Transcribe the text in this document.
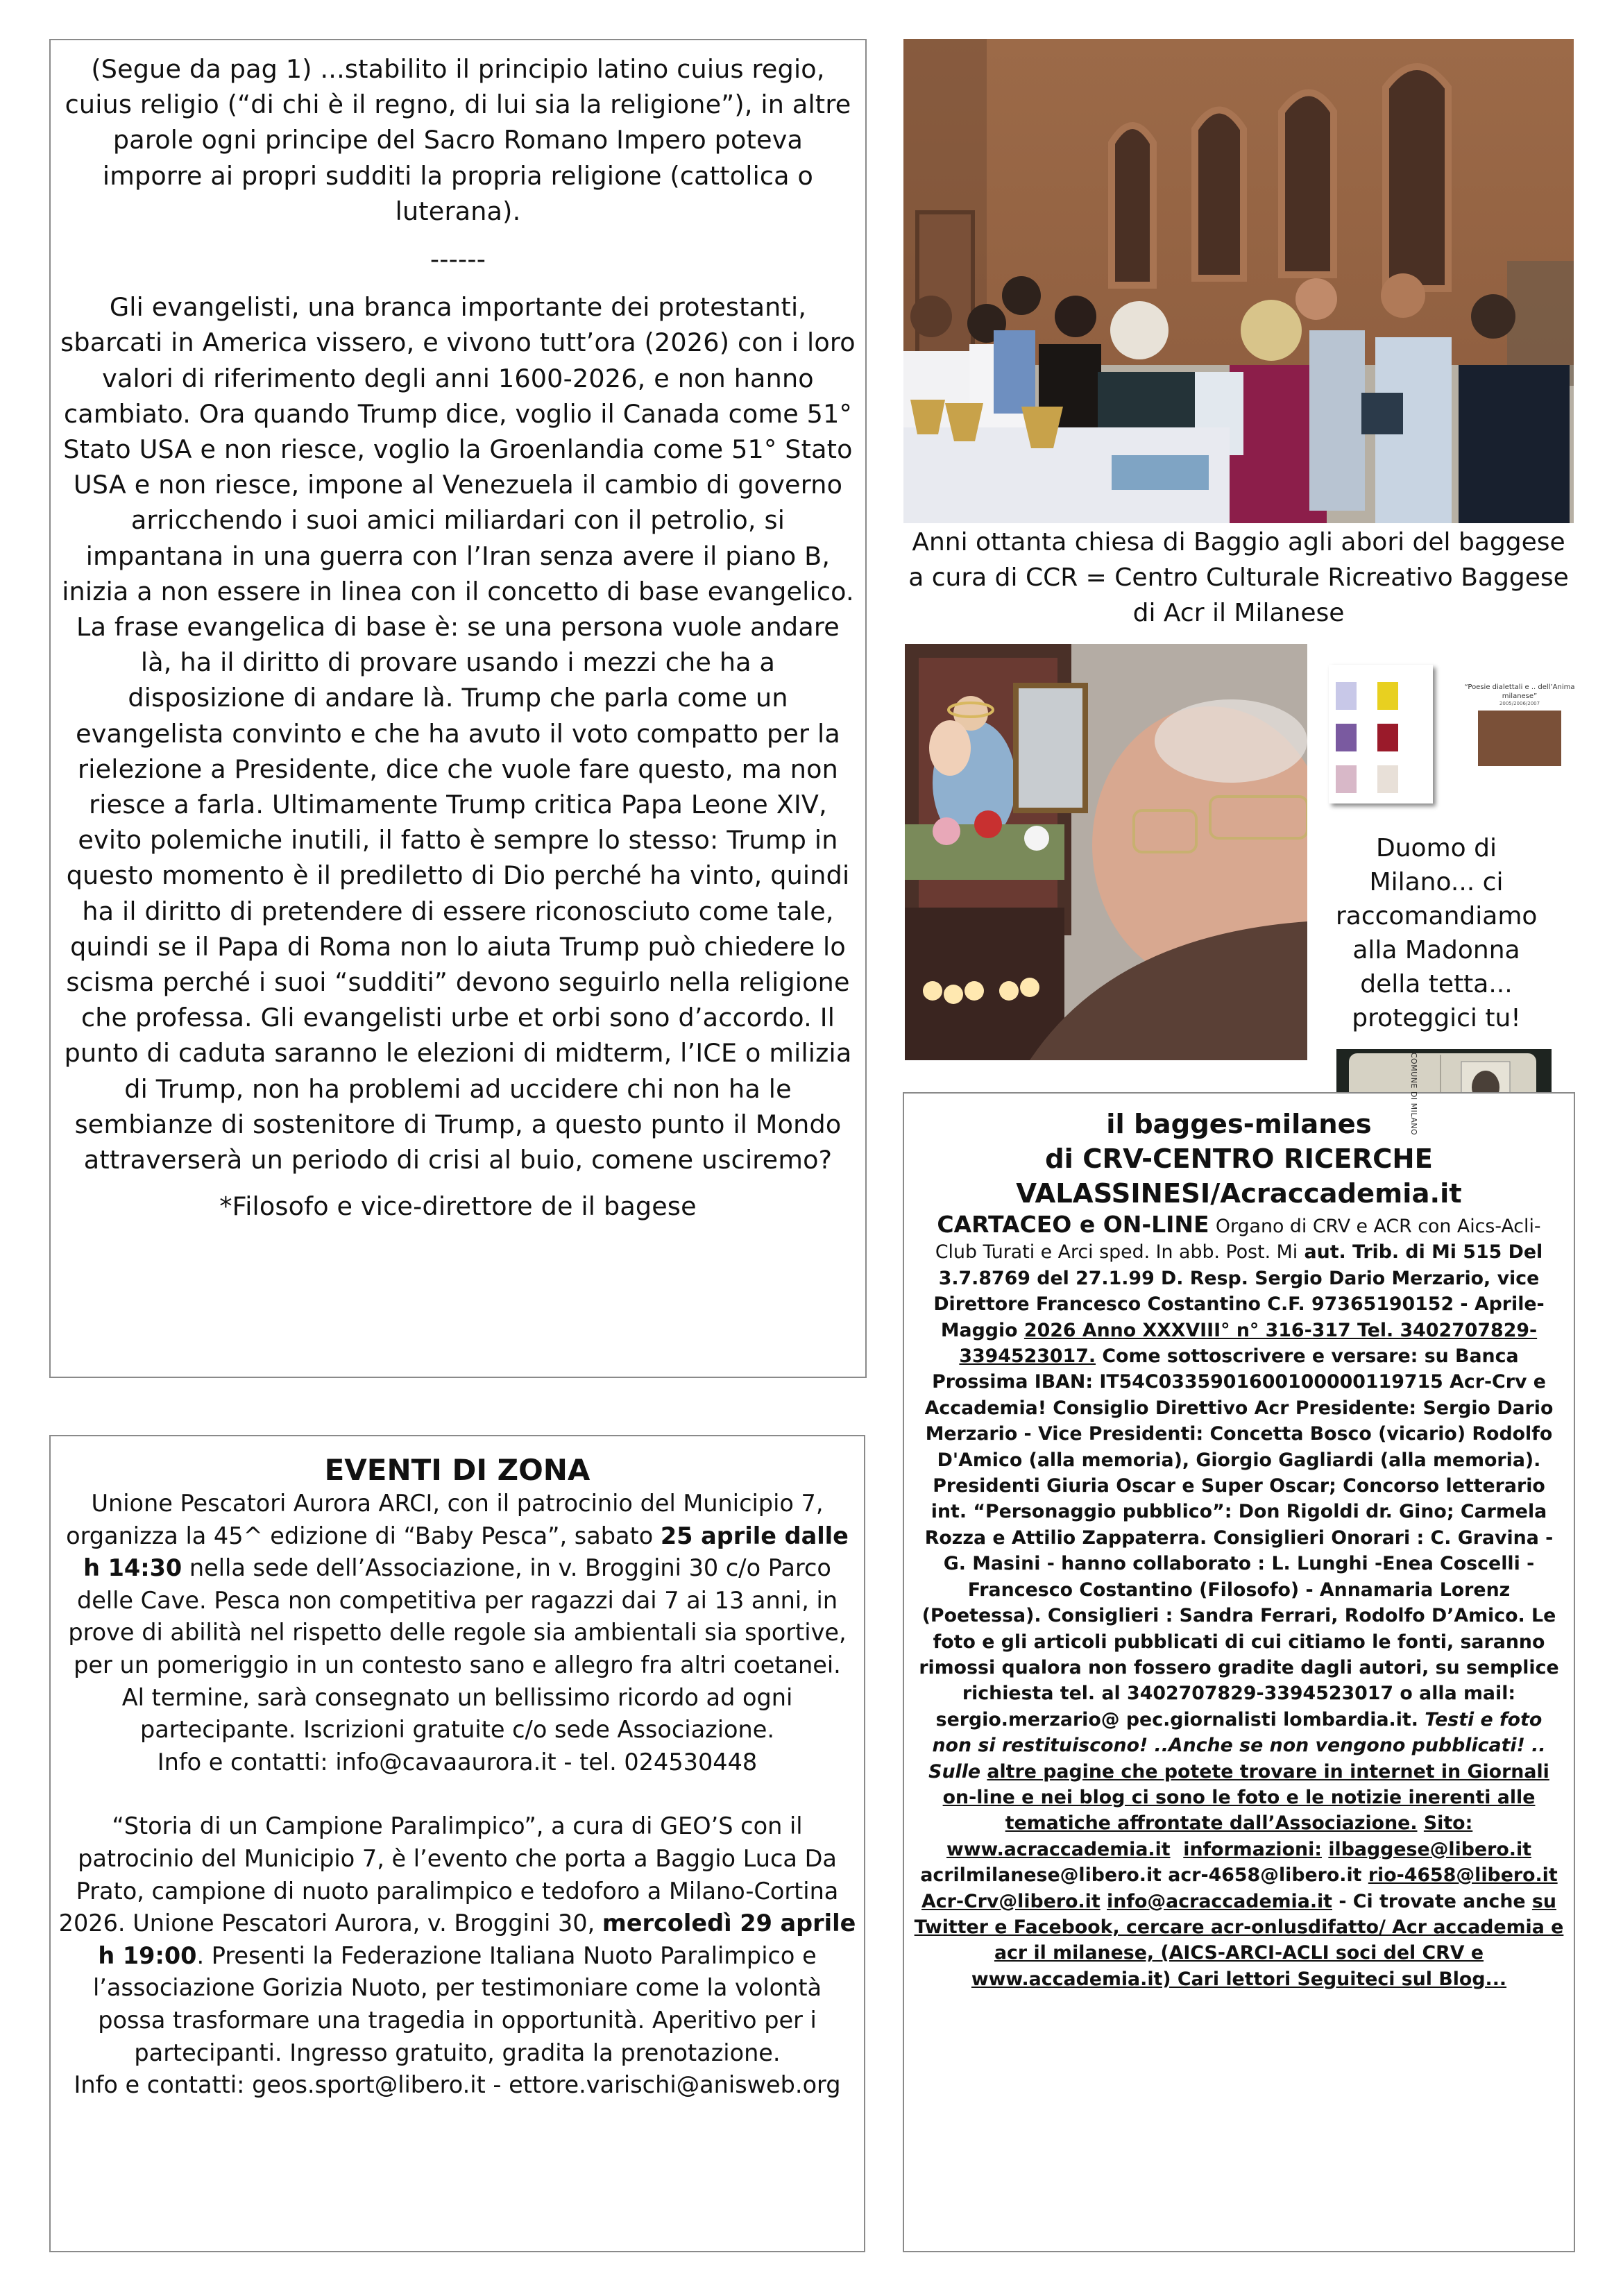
(Segue da pag 1) ...stabilito il principio latino cuius regio, cuius religio (“di chi è il regno, di lui sia la religione”), in altre parole ogni principe del Sacro Romano Impero poteva imporre ai propri sudditi la propria religione (cattolica o luterana).

------

Gli evangelisti, una branca importante dei protestanti, sbarcati in America vissero, e vivono tutt’ora (2026) con i loro valori di riferimento degli anni 1600-2026, e non hanno cambiato. Ora quando Trump dice, voglio il Canada come 51° Stato USA e non riesce, voglio la Groenlandia come 51° Stato USA e non riesce, impone al Venezuela il cambio di governo arricchendo i suoi amici miliardari con il petrolio, si impantana in una guerra con l’Iran senza avere il piano B, inizia a non essere in linea con il concetto di base evangelico. La frase evangelica di base è: se una persona vuole andare là, ha il diritto di provare usando i mezzi che ha a disposizione di andare là. Trump che parla come un evangelista convinto e che ha avuto il voto compatto per la rielezione a Presidente, dice che vuole fare questo, ma non riesce a farla. Ultimamente Trump critica Papa Leone XIV, evito polemiche inutili, il fatto è sempre lo stesso: Trump in questo momento è il prediletto di Dio perché ha vinto, quindi ha il diritto di pretendere di essere riconosciuto come tale, quindi se il Papa di Roma non lo aiuta Trump può chiedere lo scisma perché i suoi “sudditi” devono seguirlo nella religione che professa. Gli evangelisti urbe et orbi sono d’accordo. Il punto di caduta saranno le elezioni di midterm, l’ICE o milizia di Trump, non ha problemi ad uccidere chi non ha le sembianze di sostenitore di Trump, a questo punto il Mondo attraverserà un periodo di crisi al buio, comene usciremo?

*Filosofo e vice-direttore de il bagese

EVENTI DI ZONA

Unione Pescatori Aurora ARCI, con il patrocinio del Municipio 7, organizza la 45^ edizione di “Baby Pesca”, sabato 25 aprile dalle h 14:30 nella sede dell’Associazione, in v. Broggini 30 c/o Parco delle Cave. Pesca non competitiva per ragazzi dai 7 ai 13 anni, in prove di abilità nel rispetto delle regole sia ambientali sia sportive, per un pomeriggio in un contesto sano e allegro fra altri coetanei.

Al termine, sarà consegnato un bellissimo ricordo ad ogni partecipante. Iscrizioni gratuite c/o sede Associazione.

Info e contatti: info@cavaaurora.it - tel. 024530448

“Storia di un Campione Paralimpico”, a cura di GEO’S con il patrocinio del Municipio 7, è l’evento che porta a Baggio Luca Da Prato, campione di nuoto paralimpico e tedoforo a Milano-Cortina 2026. Unione Pescatori Aurora, v. Broggini 30, mercoledì 29 aprile h 19:00. Presenti la Federazione Italiana Nuoto Paralimpico e l’associazione Gorizia Nuoto, per testimoniare come la volontà possa trasformare una tragedia in opportunità. Aperitivo per i partecipanti. Ingresso gratuito, gradita la prenotazione.

Info e contatti: geos.sport@libero.it - ettore.varischi@anisweb.org

Anni ottanta chiesa di Baggio agli abori del baggese a cura di CCR = Centro Culturale Ricreativo Baggese di Acr il Milanese
“Poesie dialettali e .. dell’Anima milanese”
2005/2006/2007
Duomo di Milano... ci raccomandiamo alla Madonna della tetta... proteggici tu!
COMUNE DI MILANO

il bagges-milanes

di CRV-CENTRO RICERCHE VALASSINESI/Acraccademia.it

CARTACEO e ON-LINE Organo di CRV e ACR con Aics-Acli- Club Turati e Arci sped. In abb. Post. Mi aut. Trib. di Mi 515 Del 3.7.8769 del 27.1.99 D. Resp. Sergio Dario Merzario, vice Direttore Francesco Costantino C.F. 97365190152 - Aprile-Maggio 2026 Anno XXXVIII° n° 316-317 Tel. 3402707829-3394523017. Come sottoscrivere e versare: su Banca Prossima IBAN: IT54C0335901600100000119715 Acr-Crv e Accademia! Consiglio Direttivo Acr Presidente: Sergio Dario Merzario - Vice Presidenti: Concetta Bosco (vicario) Rodolfo D'Amico (alla memoria), Giorgio Gagliardi (alla memoria). Presidenti Giuria Oscar e Super Oscar; Concorso letterario int. “Personaggio pubblico”: Don Rigoldi dr. Gino; Carmela Rozza e Attilio Zappaterra. Consiglieri Onorari : C. Gravina - G. Masini - hanno collaborato : L. Lunghi -Enea Coscelli - Francesco Costantino (Filosofo) - Annamaria Lorenz (Poetessa). Consiglieri : Sandra Ferrari, Rodolfo D’Amico. Le foto e gli articoli pubblicati di cui citiamo le fonti, saranno rimossi qualora non fossero gradite dagli autori, su semplice richiesta tel. al 3402707829-3394523017 o alla mail: sergio.merzario@ pec.giornalisti lombardia.it. Testi e foto non si restituiscono! ..Anche se non vengono pubblicati! .. Sulle altre pagine che potete trovare in internet in Giornali on-line e nei blog ci sono le foto e le notizie inerenti alle tematiche affrontate dall’Associazione. Sito: www.acraccademia.it informazioni: ilbaggese@libero.it acrilmilanese@libero.it acr-4658@libero.it rio-4658@libero.it Acr-Crv@libero.it info@acraccademia.it - Ci trovate anche su Twitter e Facebook, cercare acr-onlusdifatto/ Acr accademia e acr il milanese, (AICS-ARCI-ACLI soci del CRV e www.accademia.it) Cari lettori Seguiteci sul Blog...
